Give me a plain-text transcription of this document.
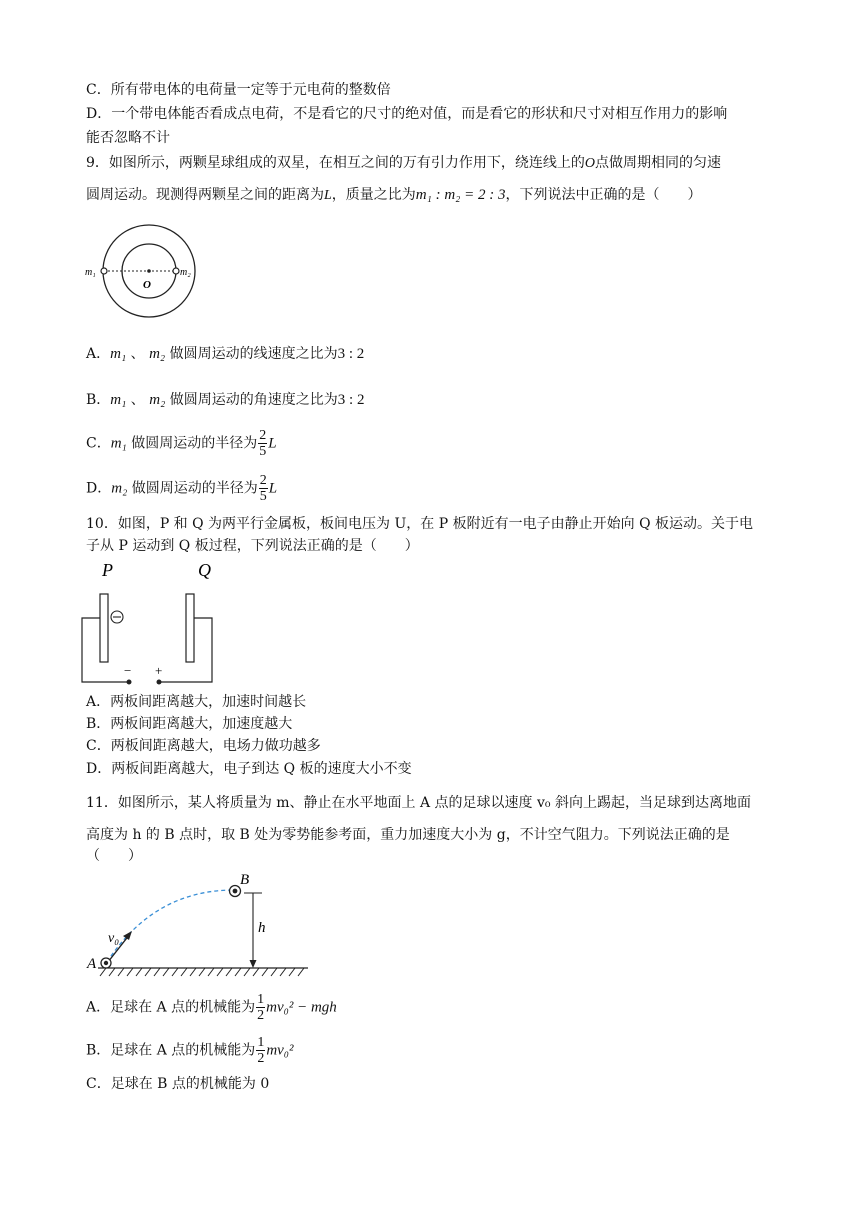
C．所有带电体的电荷量一定等于元电荷的整数倍
D．一个带电体能否看成点电荷，不是看它的尺寸的绝对值，而是看它的形状和尺寸对相互作用力的影响
能否忽略不计
9．如图所示，两颗星球组成的双星，在相互之间的万有引力作用下，绕连线上的O点做周期相同的匀速
圆周运动。现测得两颗星之间的距离为L，质量之比为m₁ : m₂ = 2 : 3，下列说法中正确的是（　　）
m₁	m₂
O
A．m₁ 、 m₂ 做圆周运动的线速度之比为3 : 2
B．m₁ 、 m₂ 做圆周运动的角速度之比为3 : 2
C．m₁ 做圆周运动的半径为 $\frac{2}{5}$ L
D．m₂ 做圆周运动的半径为 $\frac{2}{5}$ L
10．如图，P 和 Q 为两平行金属板，板间电压为 U，在 P 板附近有一电子由静止开始向 Q 板运动。关于电
子从 P 运动到 Q 板过程，下列说法正确的是（　　）
P	Q
− +
A．两板间距离越大，加速时间越长
B．两板间距离越大，加速度越大
C．两板间距离越大，电场力做功越多
D．两板间距离越大，电子到达 Q 板的速度大小不变
11．如图所示，某人将质量为 m、静止在水平地面上 A 点的足球以速度 v₀ 斜向上踢起，当足球到达离地面
高度为 h 的 B 点时，取 B 处为零势能参考面，重力加速度大小为 g，不计空气阻力。下列说法正确的是
（　　）
A
B
h
v₀
A．足球在 A 点的机械能为 $\frac{1}{2} mv_0^2$ − mgh
B．足球在 A 点的机械能为 $\frac{1}{2} mv_0^2$
C．足球在 B 点的机械能为 0
